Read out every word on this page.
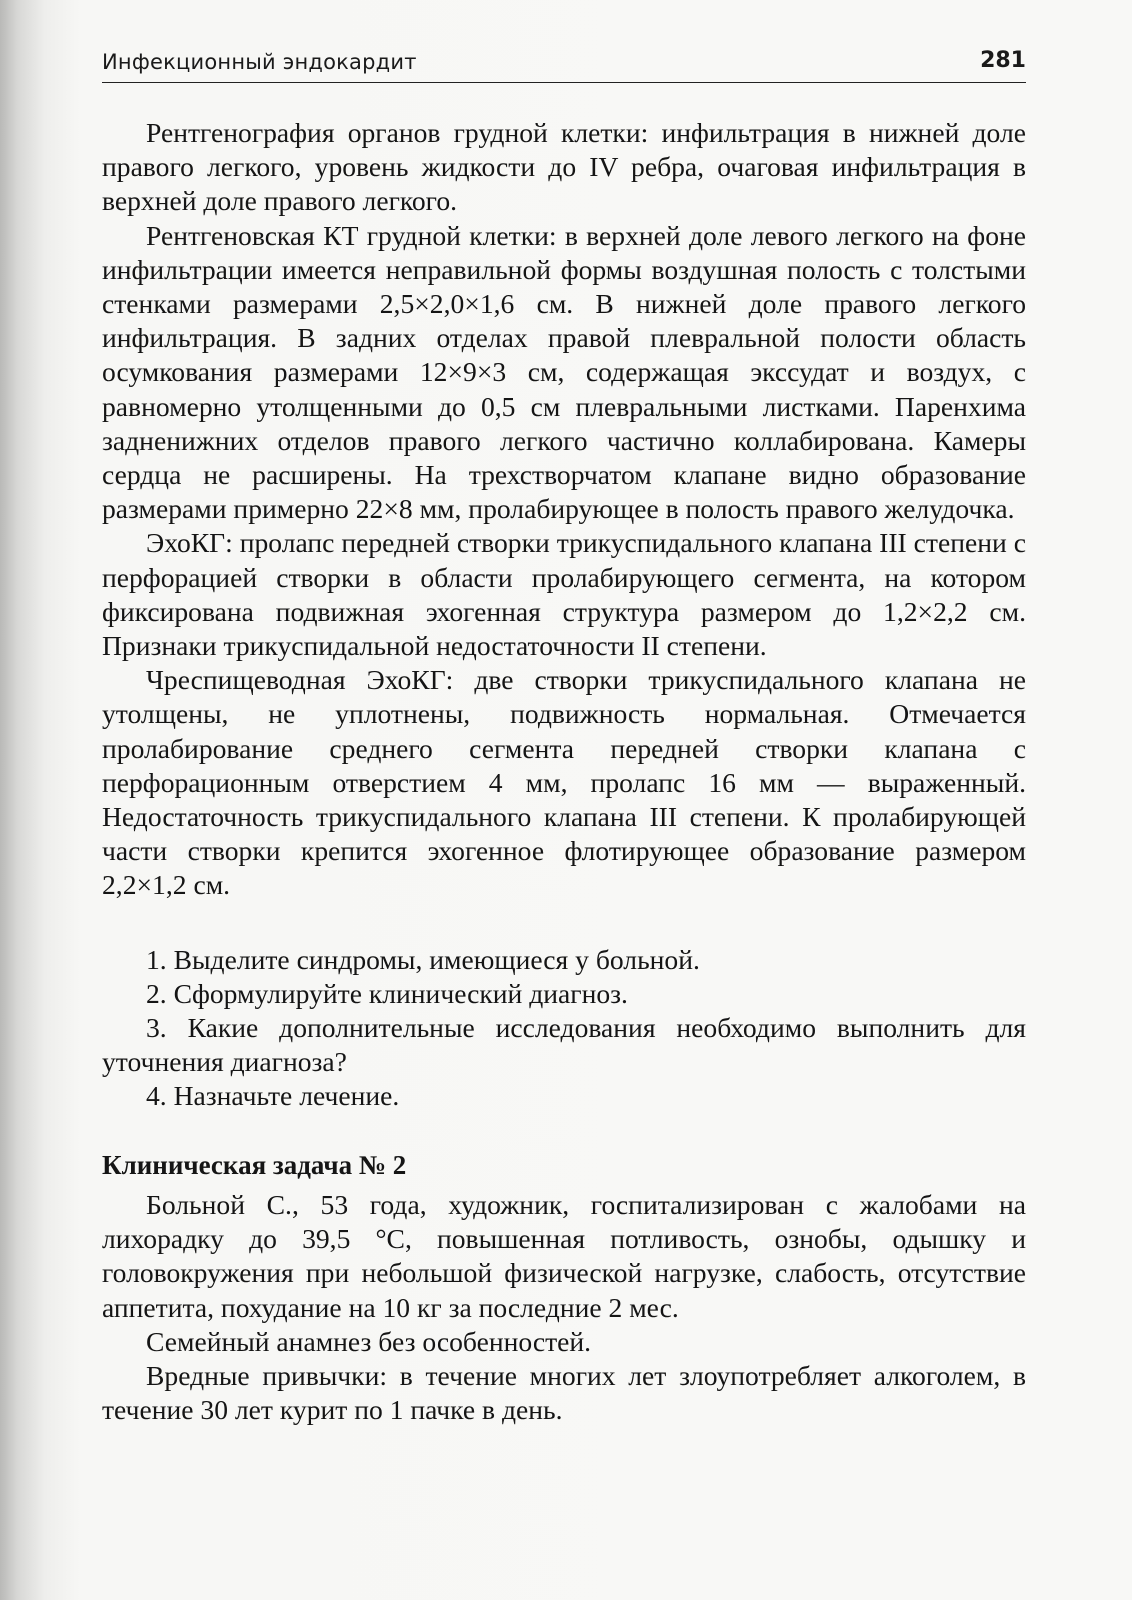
Инфекционный эндокардит	281

Рентгенография органов грудной клетки: инфильтрация в нижней доле правого легкого, уровень жидкости до IV ребра, очаговая инфильтрация в верхней доле правого легкого.

Рентгеновская КТ грудной клетки: в верхней доле левого легкого на фоне инфильтрации имеется неправильной формы воздушная полость с толстыми стенками размерами 2,5×2,0×1,6 см. В нижней доле правого легкого инфильтрация. В задних отделах правой плевральной полости область осумкования размерами 12×9×3 см, содержащая экссудат и воздух, с равномерно утолщенными до 0,5 см плевральными листками. Паренхима задненижних отделов правого легкого частично коллабирована. Камеры сердца не расширены. На трехстворчатом клапане видно образование размерами примерно 22×8 мм, пролабирующее в полость правого желудочка.

ЭхоКГ: пролапс передней створки трикуспидального клапана III степени с перфорацией створки в области пролабирующего сегмента, на котором фиксирована подвижная эхогенная структура размером до 1,2×2,2 см. Признаки трикуспидальной недостаточности II степени.

Чреспищеводная ЭхоКГ: две створки трикуспидального клапана не утолщены, не уплотнены, подвижность нормальная. Отмечается пролабирование среднего сегмента передней створки клапана с перфорационным отверстием 4 мм, пролапс 16 мм — выраженный. Недостаточность трикуспидального клапана III степени. К пролабирующей части створки крепится эхогенное флотирующее образование размером 2,2×1,2 см.

1. Выделите синдромы, имеющиеся у больной.

2. Сформулируйте клинический диагноз.

3. Какие дополнительные исследования необходимо выполнить для уточнения диагноза?

4. Назначьте лечение.

Клиническая задача № 2

Больной С., 53 года, художник, госпитализирован с жалобами на лихорадку до 39,5 °С, повышенная потливость, ознобы, одышку и головокружения при небольшой физической нагрузке, слабость, отсутствие аппетита, похудание на 10 кг за последние 2 мес.

Семейный анамнез без особенностей.

Вредные привычки: в течение многих лет злоупотребляет алкоголем, в течение 30 лет курит по 1 пачке в день.
